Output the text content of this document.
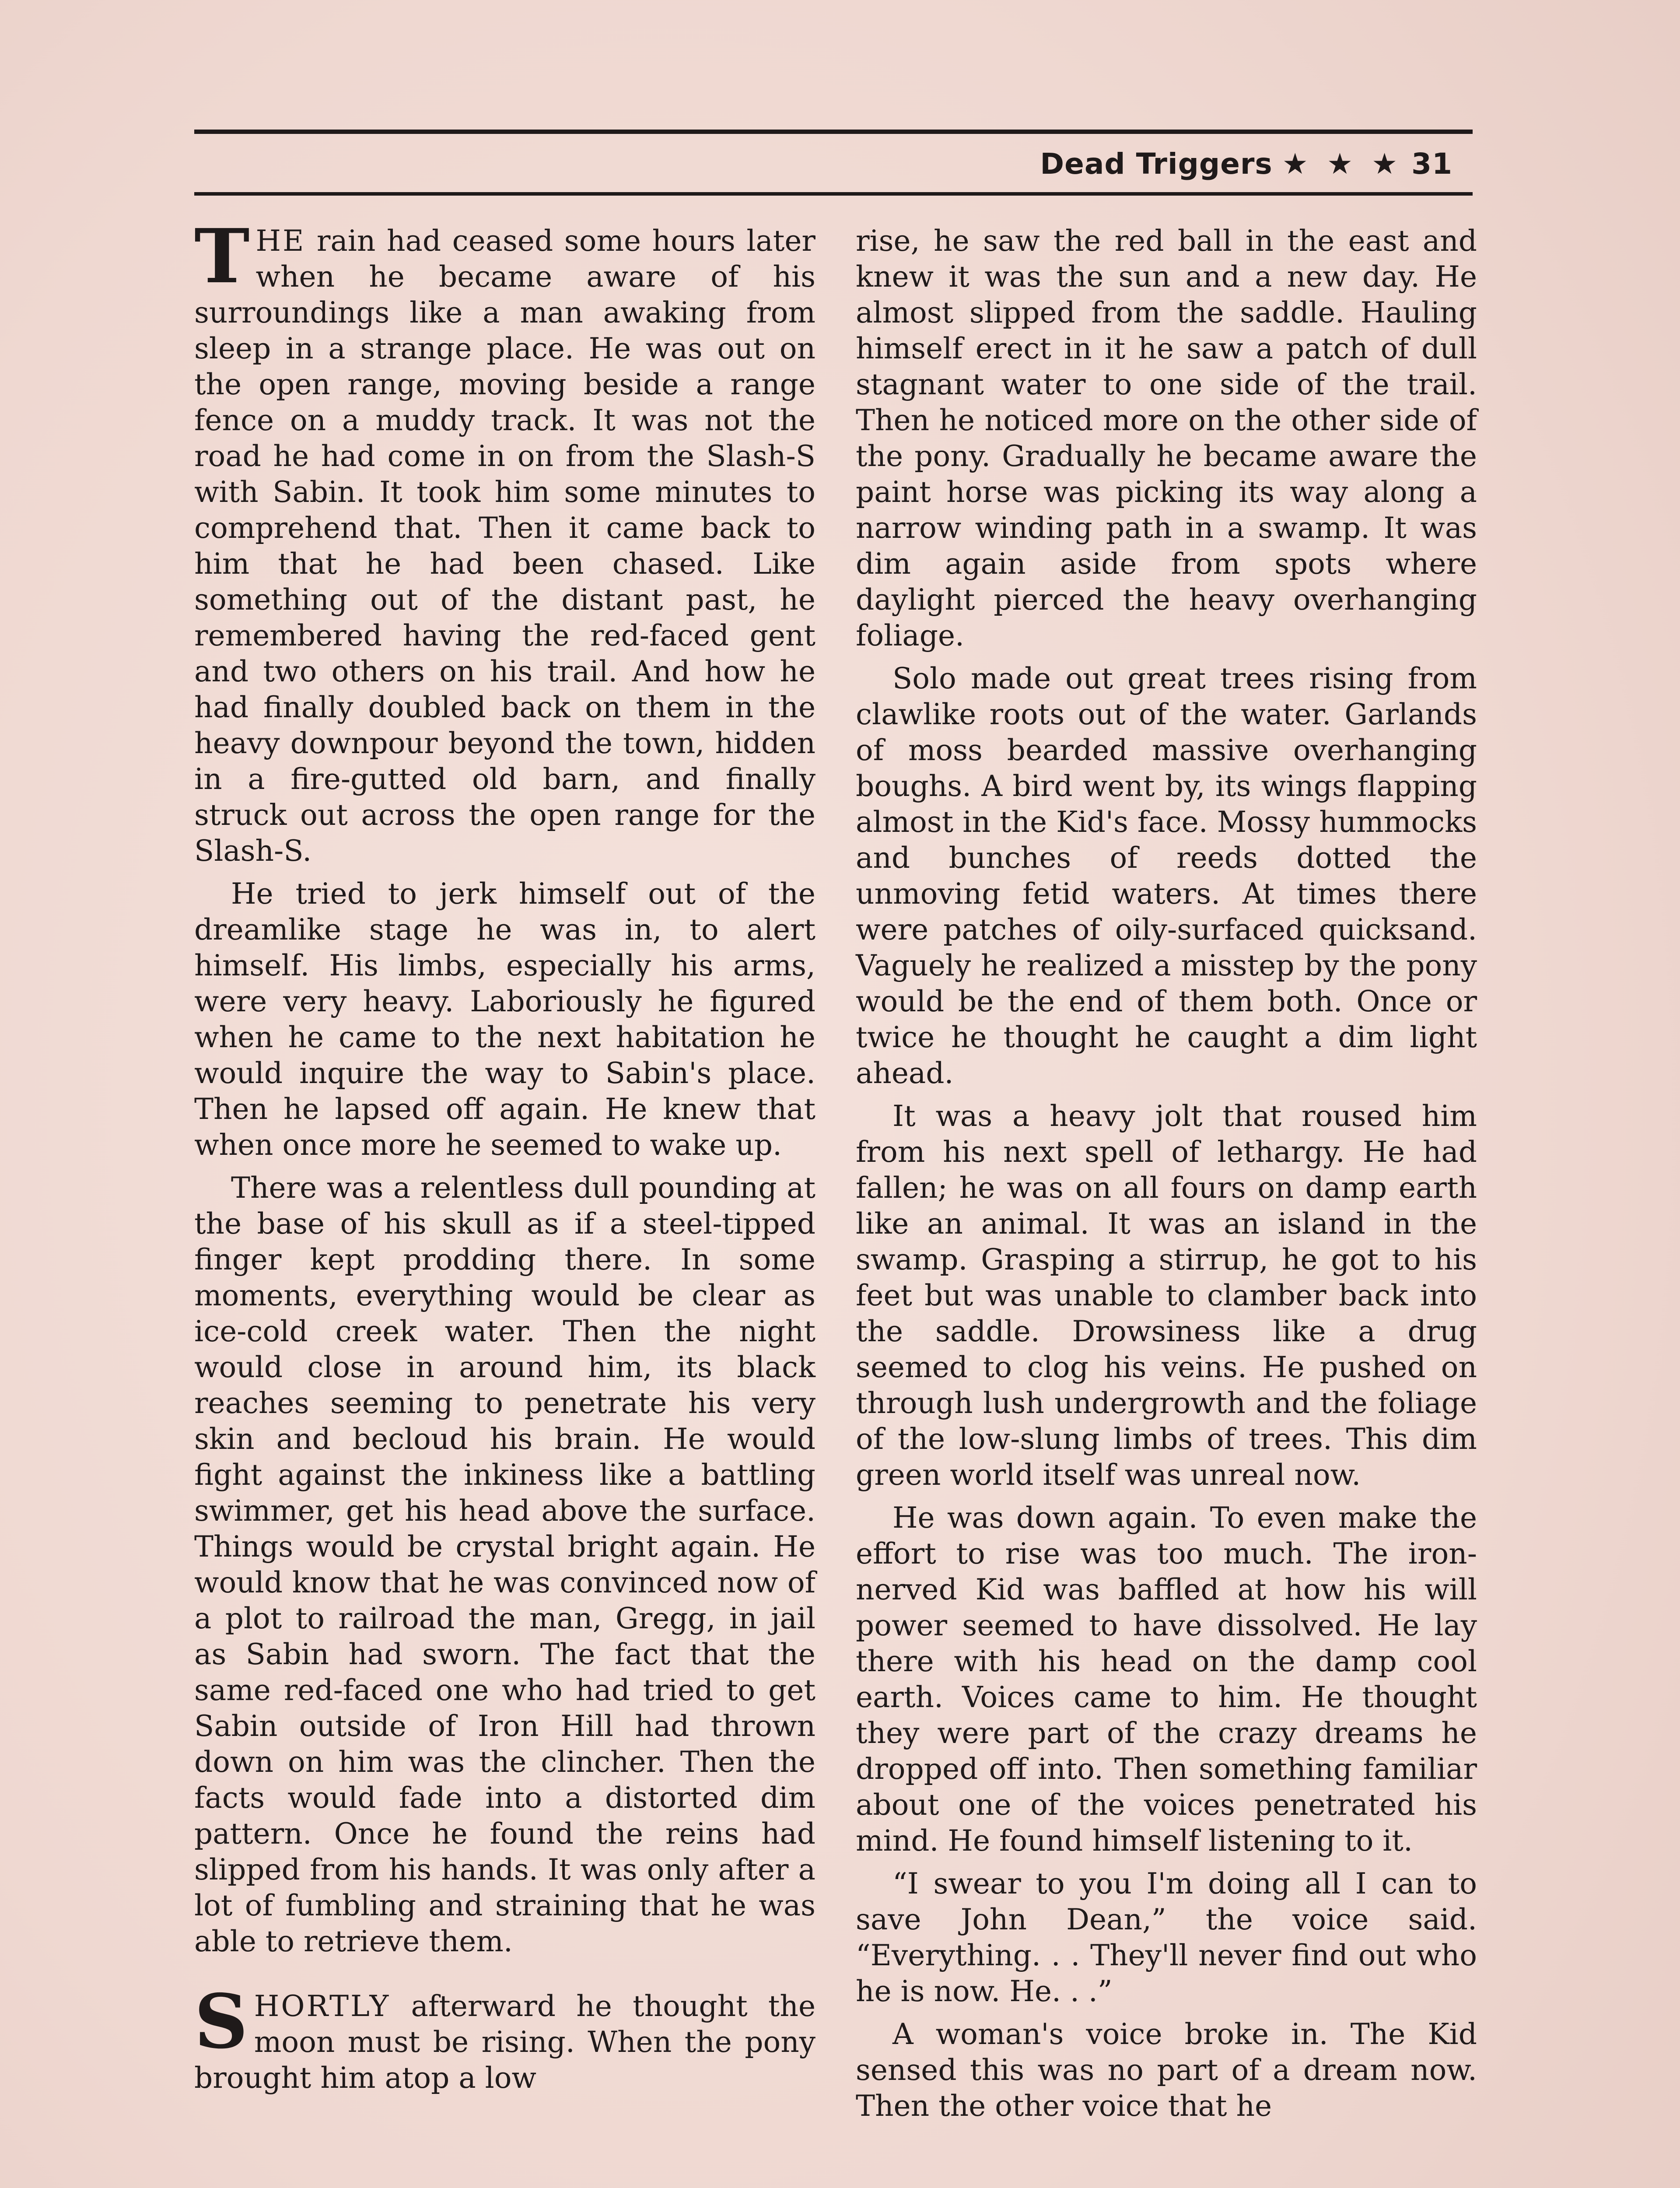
Dead Triggers ★ ★ ★ 31

THE rain had ceased some hours later when he became aware of his surroundings like a man awaking from sleep in a strange place. He was out on the open range, moving beside a range fence on a muddy track. It was not the road he had come in on from the Slash-S with Sabin. It took him some minutes to comprehend that. Then it came back to him that he had been chased. Like something out of the distant past, he remembered having the red-faced gent and two others on his trail. And how he had finally doubled back on them in the heavy downpour beyond the town, hidden in a fire-gutted old barn, and finally struck out across the open range for the Slash-S.

He tried to jerk himself out of the dreamlike stage he was in, to alert himself. His limbs, especially his arms, were very heavy. Laboriously he figured when he came to the next habitation he would inquire the way to Sabin's place. Then he lapsed off again. He knew that when once more he seemed to wake up.

There was a relentless dull pounding at the base of his skull as if a steel-tipped finger kept prodding there. In some moments, everything would be clear as ice-cold creek water. Then the night would close in around him, its black reaches seeming to penetrate his very skin and becloud his brain. He would fight against the inkiness like a battling swimmer, get his head above the surface. Things would be crystal bright again. He would know that he was convinced now of a plot to railroad the man, Gregg, in jail as Sabin had sworn. The fact that the same red-faced one who had tried to get Sabin outside of Iron Hill had thrown down on him was the clincher. Then the facts would fade into a distorted dim pattern. Once he found the reins had slipped from his hands. It was only after a lot of fumbling and straining that he was able to retrieve them.

SHORTLY afterward he thought the moon must be rising. When the pony brought him atop a low

rise, he saw the red ball in the east and knew it was the sun and a new day. He almost slipped from the saddle. Hauling himself erect in it he saw a patch of dull stagnant water to one side of the trail. Then he noticed more on the other side of the pony. Gradually he became aware the paint horse was picking its way along a narrow winding path in a swamp. It was dim again aside from spots where daylight pierced the heavy overhanging foliage.

Solo made out great trees rising from clawlike roots out of the water. Garlands of moss bearded massive overhanging boughs. A bird went by, its wings flapping almost in the Kid's face. Mossy hummocks and bunches of reeds dotted the unmoving fetid waters. At times there were patches of oily-surfaced quicksand. Vaguely he realized a misstep by the pony would be the end of them both. Once or twice he thought he caught a dim light ahead.

It was a heavy jolt that roused him from his next spell of lethargy. He had fallen; he was on all fours on damp earth like an animal. It was an island in the swamp. Grasping a stirrup, he got to his feet but was unable to clamber back into the saddle. Drowsiness like a drug seemed to clog his veins. He pushed on through lush undergrowth and the foliage of the low-slung limbs of trees. This dim green world itself was unreal now.

He was down again. To even make the effort to rise was too much. The iron-nerved Kid was baffled at how his will power seemed to have dissolved. He lay there with his head on the damp cool earth. Voices came to him. He thought they were part of the crazy dreams he dropped off into. Then something familiar about one of the voices penetrated his mind. He found himself listening to it.

“I swear to you I'm doing all I can to save John Dean,” the voice said. “Everything. . . They'll never find out who he is now. He. . .”

A woman's voice broke in. The Kid sensed this was no part of a dream now. Then the other voice that he
